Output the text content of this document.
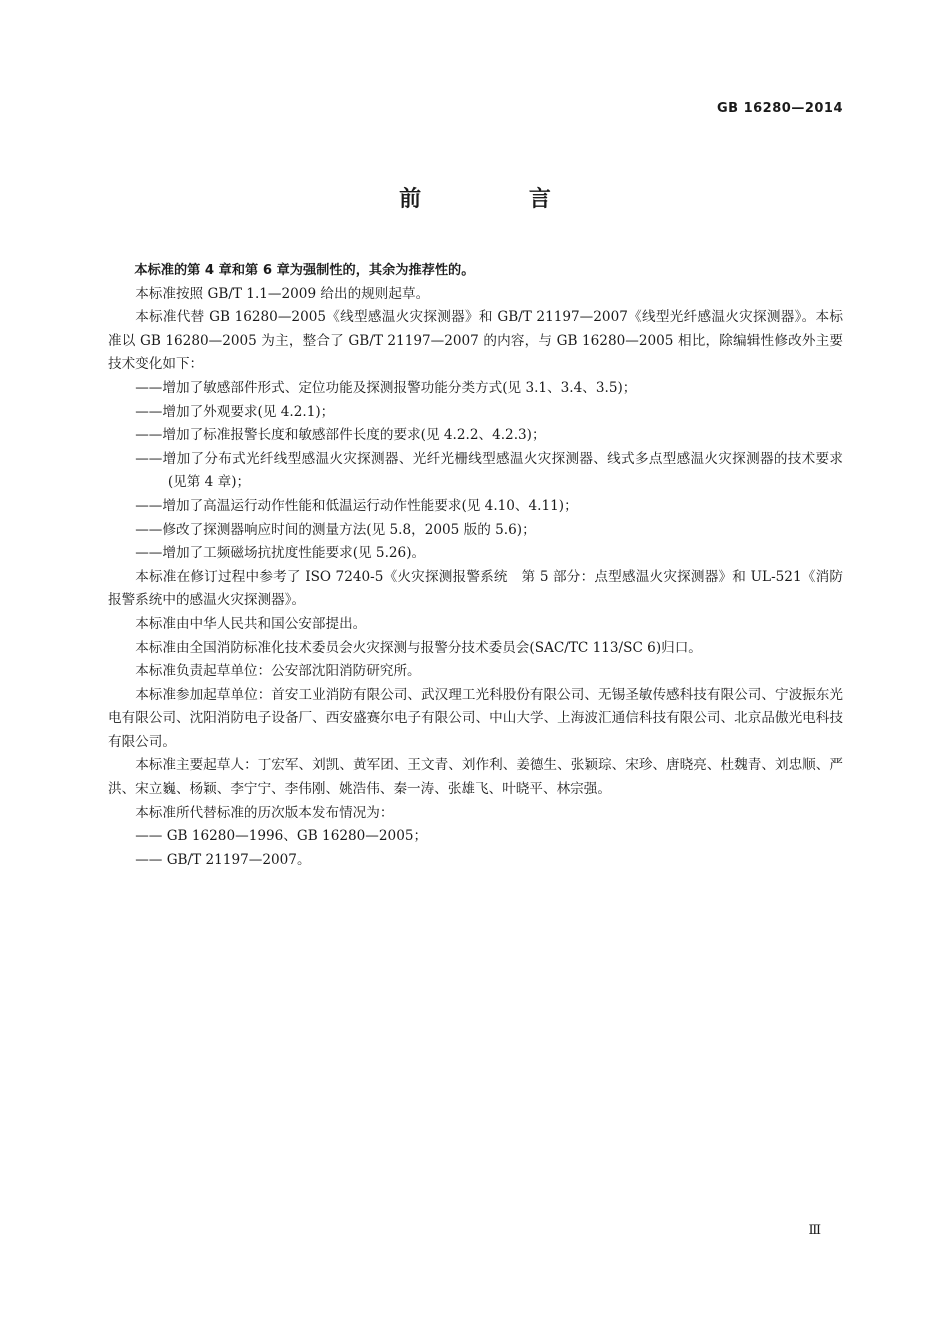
GB 16280—2014
前 言

本标准的第 4 章和第 6 章为强制性的，其余为推荐性的。

本标准按照 GB/T 1.1—2009 给出的规则起草。

本标准代替 GB 16280—2005《线型感温火灾探测器》和 GB/T 21197—2007《线型光纤感温火灾探测器》。本标准以 GB 16280—2005 为主，整合了 GB/T 21197—2007 的内容，与 GB 16280—2005 相比，除编辑性修改外主要技术变化如下：

——增加了敏感部件形式、定位功能及探测报警功能分类方式(见 3.1、3.4、3.5)；

——增加了外观要求(见 4.2.1)；

——增加了标准报警长度和敏感部件长度的要求(见 4.2.2、4.2.3)；

——增加了分布式光纤线型感温火灾探测器、光纤光栅线型感温火灾探测器、线式多点型感温火灾探测器的技术要求(见第 4 章)；

——增加了高温运行动作性能和低温运行动作性能要求(见 4.10、4.11)；

——修改了探测器响应时间的测量方法(见 5.8，2005 版的 5.6)；

——增加了工频磁场抗扰度性能要求(见 5.26)。

本标准在修订过程中参考了 ISO 7240-5《火灾探测报警系统　第 5 部分：点型感温火灾探测器》和 UL-521《消防报警系统中的感温火灾探测器》。

本标准由中华人民共和国公安部提出。

本标准由全国消防标准化技术委员会火灾探测与报警分技术委员会(SAC/TC 113/SC 6)归口。

本标准负责起草单位：公安部沈阳消防研究所。

本标准参加起草单位：首安工业消防有限公司、武汉理工光科股份有限公司、无锡圣敏传感科技有限公司、宁波振东光电有限公司、沈阳消防电子设备厂、西安盛赛尔电子有限公司、中山大学、上海波汇通信科技有限公司、北京品傲光电科技有限公司。

本标准主要起草人：丁宏军、刘凯、黄军团、王文青、刘作利、姜德生、张颖琮、宋珍、唐晓亮、杜魏青、刘忠顺、严洪、宋立巍、杨颖、李宁宁、李伟刚、姚浩伟、秦一涛、张雄飞、叶晓平、林宗强。

本标准所代替标准的历次版本发布情况为：

—— GB 16280—1996、GB 16280—2005；

—— GB/T 21197—2007。

Ⅲ
